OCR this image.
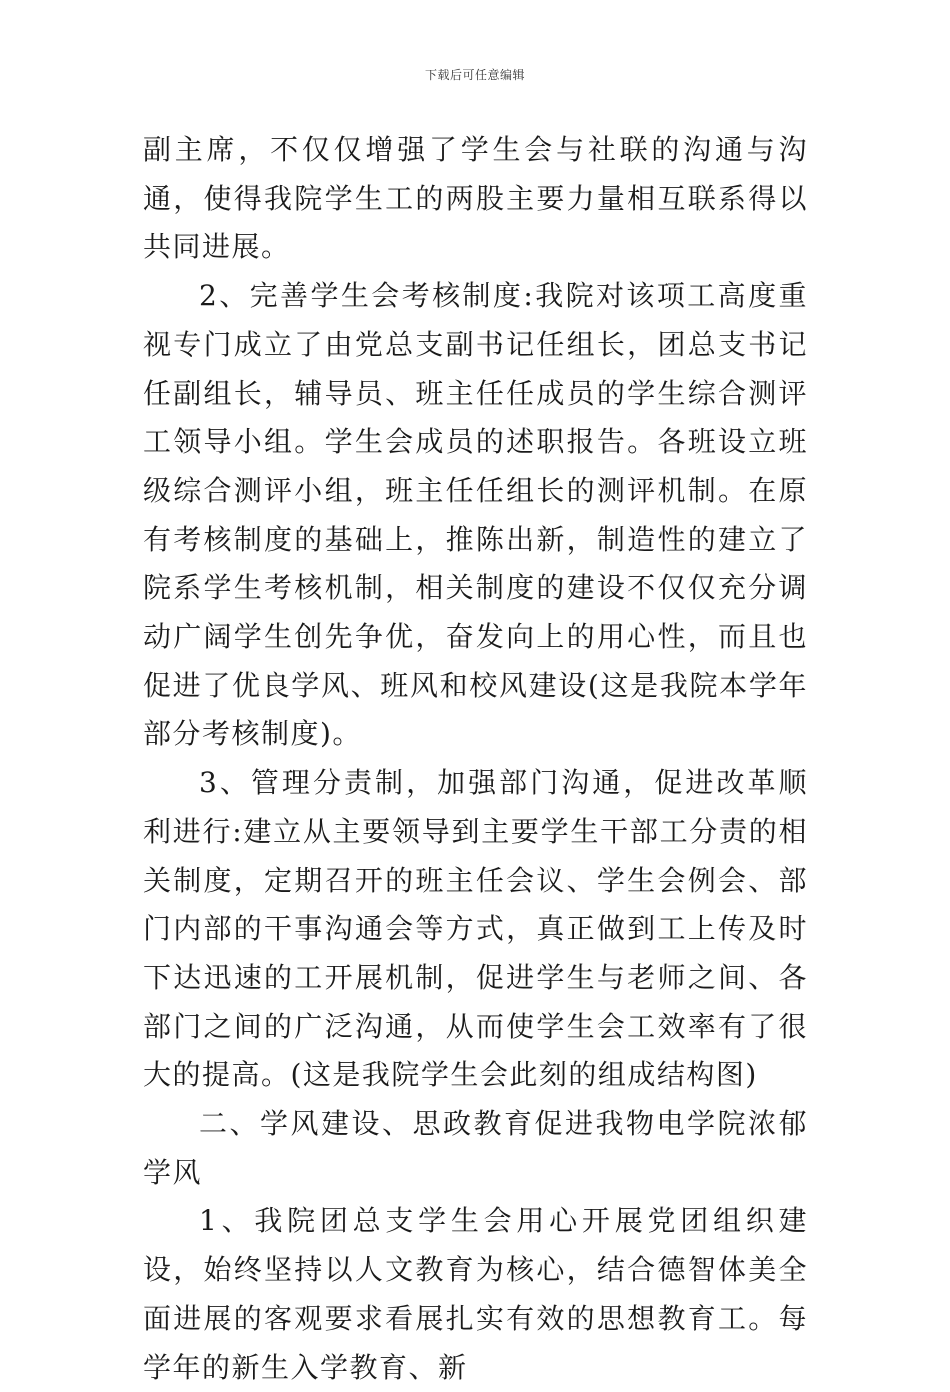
下载后可任意编辑

副主席，不仅仅增强了学生会与社联的沟通与沟通，使得我院学生工的两股主要力量相互联系得以共同进展。

2、完善学生会考核制度:我院对该项工高度重视专门成立了由党总支副书记任组长，团总支书记任副组长，辅导员、班主任任成员的学生综合测评工领导小组。学生会成员的述职报告。各班设立班级综合测评小组，班主任任组长的测评机制。在原有考核制度的基础上，推陈出新，制造性的建立了院系学生考核机制，相关制度的建设不仅仅充分调动广阔学生创先争优，奋发向上的用心性，而且也促进了优良学风、班风和校风建设(这是我院本学年部分考核制度)。

3、管理分责制，加强部门沟通，促进改革顺利进行:建立从主要领导到主要学生干部工分责的相关制度，定期召开的班主任会议、学生会例会、部门内部的干事沟通会等方式，真正做到工上传及时下达迅速的工开展机制，促进学生与老师之间、各部门之间的广泛沟通，从而使学生会工效率有了很大的提高。(这是我院学生会此刻的组成结构图)

二、学风建设、思政教育促进我物电学院浓郁学风

1、我院团总支学生会用心开展党团组织建设，始终坚持以人文教育为核心，结合德智体美全面进展的客观要求看展扎实有效的思想教育工。每学年的新生入学教育、新
